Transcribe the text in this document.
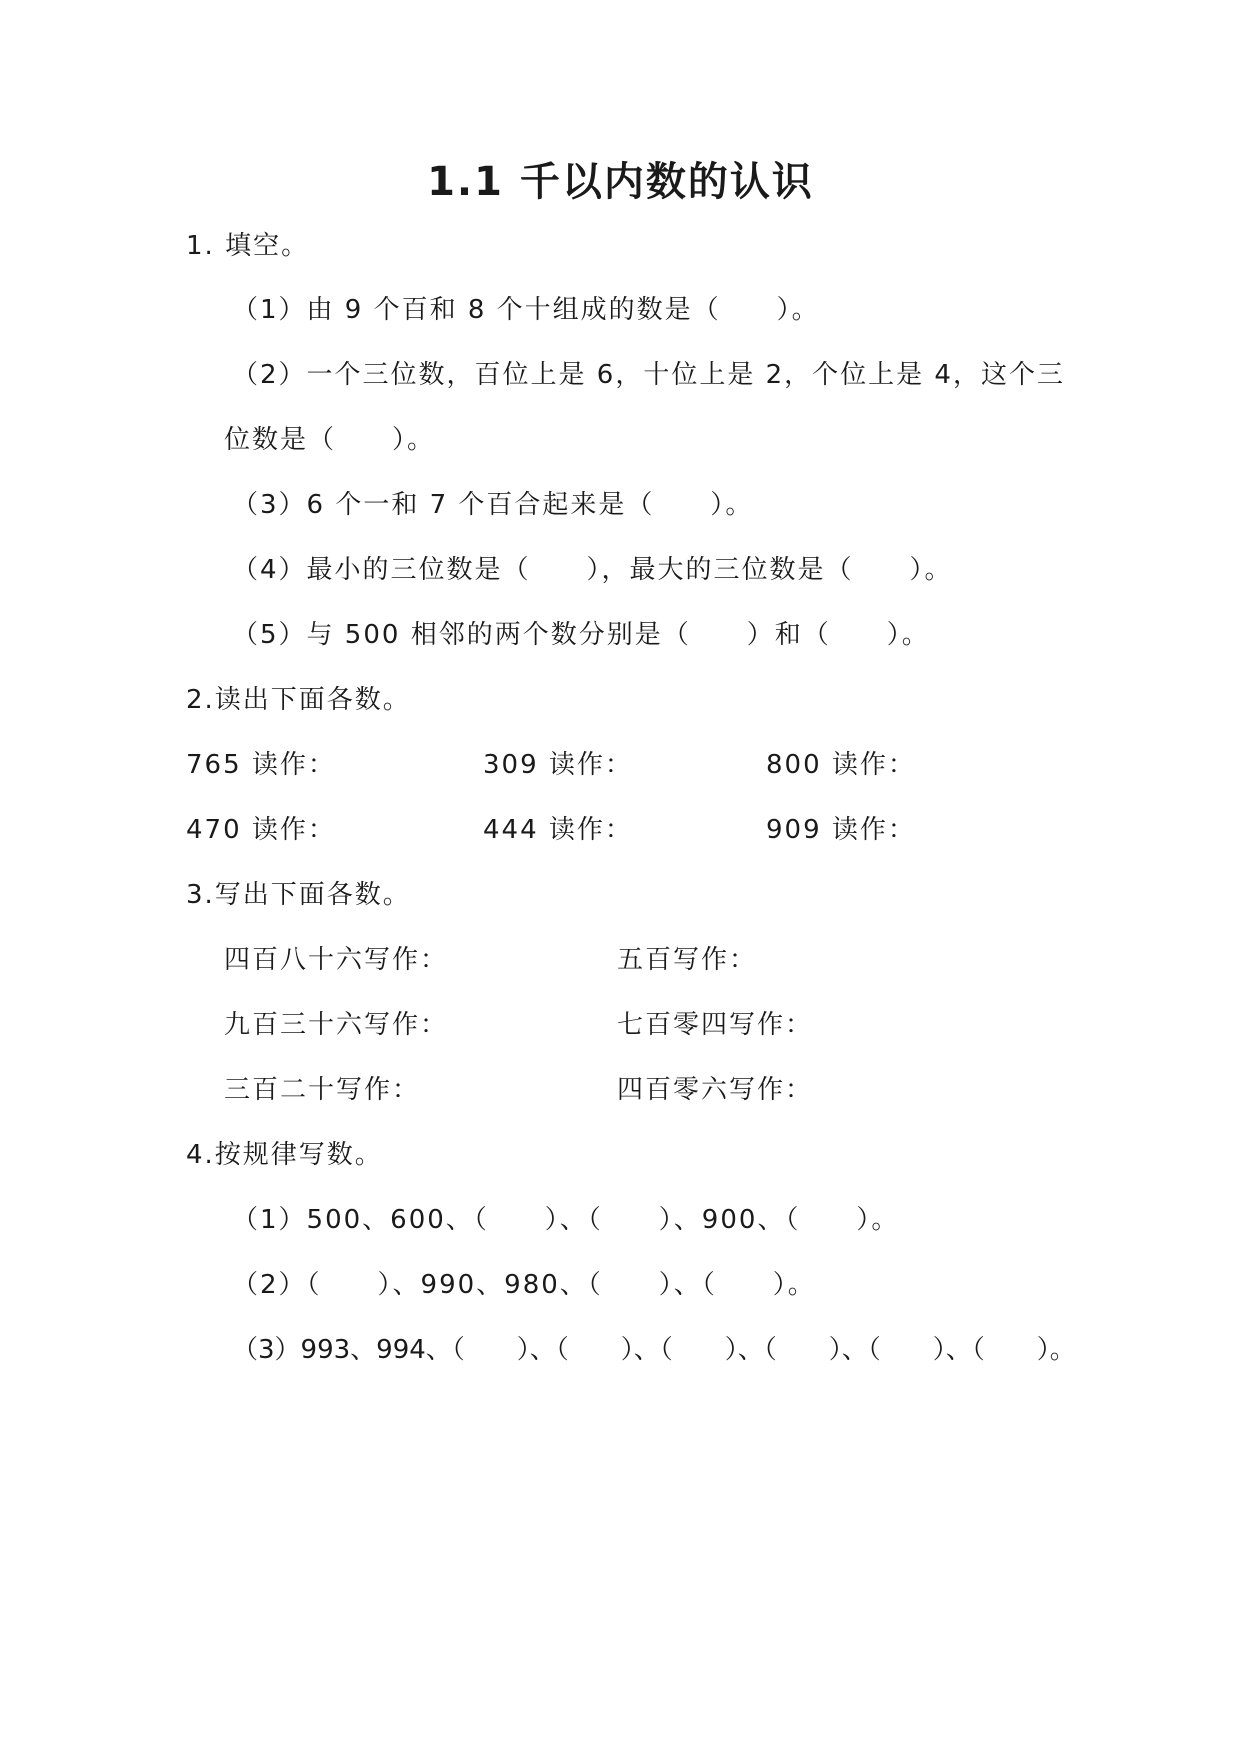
1.1 千以内数的认识
1. 填空。
（1）由 9 个百和 8 个十组成的数是（　　）。
（2）一个三位数，百位上是 6，十位上是 2，个位上是 4，这个三
位数是（　　）。
（3）6 个一和 7 个百合起来是（　　）。
（4）最小的三位数是（　　），最大的三位数是（　　）。
（5）与 500 相邻的两个数分别是（　　）和（　　）。
2.读出下面各数。
765 读作：	309 读作：	800 读作：
470 读作：	444 读作：	909 读作：
3.写出下面各数。
四百八十六写作：	五百写作：
九百三十六写作：	七百零四写作：
三百二十写作：	四百零六写作：
4.按规律写数。
（1）500、600、（　　）、（　　）、900、（　　）。
（2）（　　）、990、980、（　　）、（　　）。
（3）993、994、（　　）、（　　）、（　　）、（　　）、（　　）、（　　）。
